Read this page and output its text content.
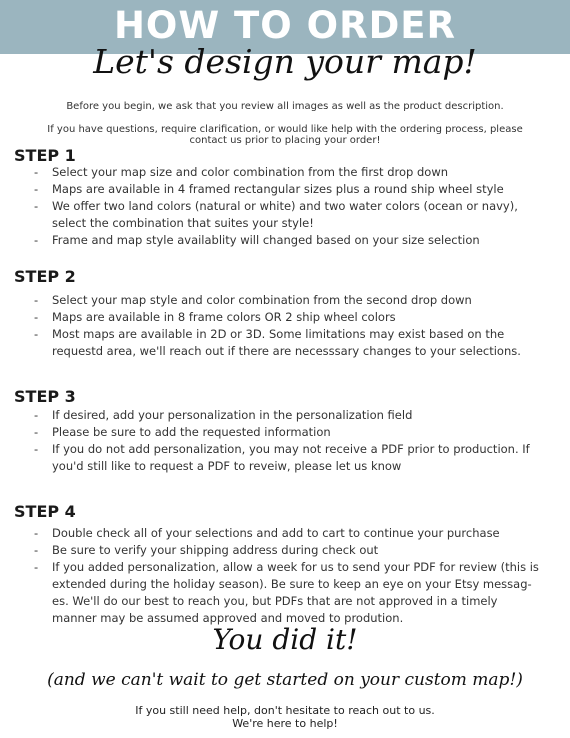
HOW TO ORDER
Let's design your map!
Before you begin, we ask that you review all images as well as the product description.
If you have questions, require clarification, or would like help with the ordering process, please contact us prior to placing your order!
STEP 1
- Select your map size and color combination from the first drop down
- Maps are available in 4 framed rectangular sizes plus a round ship wheel style
- We offer two land colors (natural or white) and two water colors (ocean or navy), select the combination that suites your style!
- Frame and map style availablity will changed based on your size selection
STEP 2
- Select your map style and color combination from the second drop down
- Maps are available in 8 frame colors OR 2 ship wheel colors
- Most maps are available in 2D or 3D. Some limitations may exist based on the requestd area, we'll reach out if there are necesssary changes to your selections.
STEP 3
- If desired, add your personalization in the personalization field
- Please be sure to add the requested information
- If you do not add personalization, you may not receive a PDF prior to production. If you'd still like to request a PDF to reveiw, please let us know
STEP 4
- Double check all of your selections and add to cart to continue your purchase
- Be sure to verify your shipping address during check out
- If you added personalization, allow a week for us to send your PDF for review (this is extended during the holiday season). Be sure to keep an eye on your Etsy messag-es. We'll do our best to reach you, but PDFs that are not approved in a timely manner may be assumed approved and moved to prodution.
You did it!
(and we can't wait to get started on your custom map!)
If you still need help, don't hesitate to reach out to us.
We're here to help!
